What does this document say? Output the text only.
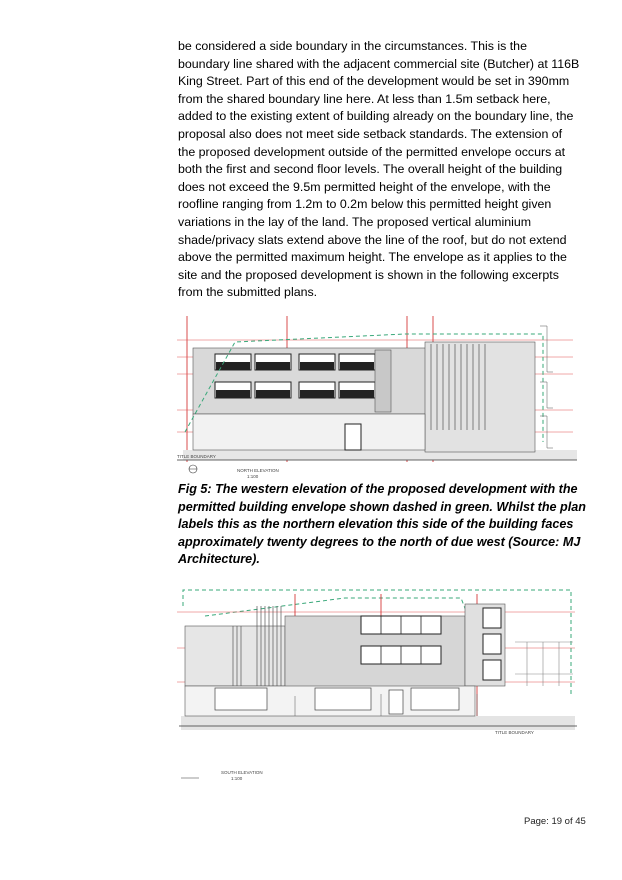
be considered a side boundary in the circumstances. This is the
boundary line shared with the adjacent commercial site (Butcher) at 116B
King Street. Part of this end of the development would be set in 390mm
from the shared boundary line here. At less than 1.5m setback here,
added to the existing extent of building already on the boundary line, the
proposal also does not meet side setback standards. The extension of
the proposed development outside of the permitted envelope occurs at
both the first and second floor levels. The overall height of the building
does not exceed the 9.5m permitted height of the envelope, with the
roofline ranging from 1.2m to 0.2m below this permitted height given
variations in the lay of the land. The proposed vertical aluminium
shade/privacy slats extend above the line of the roof, but do not extend
above the permitted maximum height. The envelope as it applies to the
site and the proposed development is shown in the following excerpts
from the submitted plans.
TITLE BOUNDARY
NORTH ELEVATION
1:100
Fig 5: The western elevation of the proposed development with the
permitted building envelope shown dashed in green. Whilst the plan
labels this as the northern elevation this side of the building faces
approximately twenty degrees to the north of due west (Source: MJ
Architecture).
TITLE BOUNDARY
SOUTH ELEVATION
1:100
Page: 19 of 45
